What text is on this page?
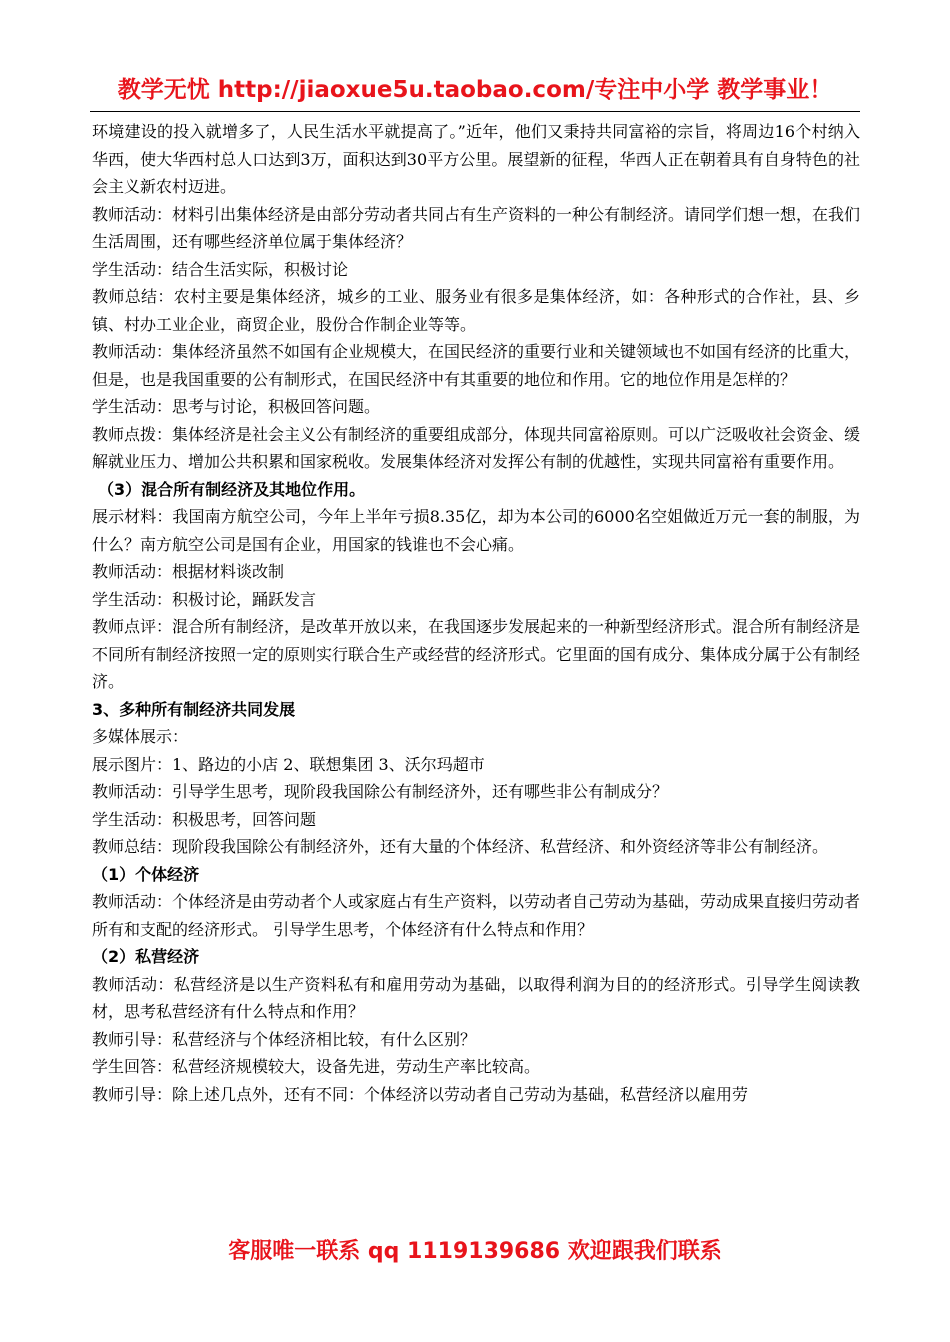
教学无忧 http://jiaoxue5u.taobao.com/专注中小学 教学事业！

环境建设的投入就增多了，人民生活水平就提高了。”近年，他们又秉持共同富裕的宗旨，将周边16个村纳入华西，使大华西村总人口达到3万，面积达到30平方公里。展望新的征程，华西人正在朝着具有自身特色的社会主义新农村迈进。

教师活动：材料引出集体经济是由部分劳动者共同占有生产资料的一种公有制经济。请同学们想一想，在我们生活周围，还有哪些经济单位属于集体经济？

学生活动：结合生活实际，积极讨论

教师总结：农村主要是集体经济，城乡的工业、服务业有很多是集体经济，如：各种形式的合作社，县、乡镇、村办工业企业，商贸企业，股份合作制企业等等。

教师活动：集体经济虽然不如国有企业规模大，在国民经济的重要行业和关键领域也不如国有经济的比重大，但是，也是我国重要的公有制形式，在国民经济中有其重要的地位和作用。它的地位作用是怎样的？

学生活动：思考与讨论，积极回答问题。

教师点拨：集体经济是社会主义公有制经济的重要组成部分，体现共同富裕原则。可以广泛吸收社会资金、缓解就业压力、增加公共积累和国家税收。发展集体经济对发挥公有制的优越性，实现共同富裕有重要作用。

（3）混合所有制经济及其地位作用。

展示材料：我国南方航空公司，今年上半年亏损8.35亿，却为本公司的6000名空姐做近万元一套的制服，为什么？南方航空公司是国有企业，用国家的钱谁也不会心痛。

教师活动：根据材料谈改制

学生活动：积极讨论，踊跃发言

教师点评：混合所有制经济，是改革开放以来，在我国逐步发展起来的一种新型经济形式。混合所有制经济是不同所有制经济按照一定的原则实行联合生产或经营的经济形式。它里面的国有成分、集体成分属于公有制经济。

3、多种所有制经济共同发展

多媒体展示：

展示图片：1、路边的小店 2、联想集团 3、沃尔玛超市

教师活动：引导学生思考，现阶段我国除公有制经济外，还有哪些非公有制成分？

学生活动：积极思考，回答问题

教师总结：现阶段我国除公有制经济外，还有大量的个体经济、私营经济、和外资经济等非公有制经济。

（1）个体经济

教师活动：个体经济是由劳动者个人或家庭占有生产资料，以劳动者自己劳动为基础，劳动成果直接归劳动者所有和支配的经济形式。 引导学生思考，个体经济有什么特点和作用？

（2）私营经济

教师活动：私营经济是以生产资料私有和雇用劳动为基础，以取得利润为目的的经济形式。引导学生阅读教材，思考私营经济有什么特点和作用？

教师引导：私营经济与个体经济相比较，有什么区别？

学生回答：私营经济规模较大，设备先进，劳动生产率比较高。

教师引导：除上述几点外，还有不同：个体经济以劳动者自己劳动为基础，私营经济以雇用劳

客服唯一联系 qq 1119139686 欢迎跟我们联系
